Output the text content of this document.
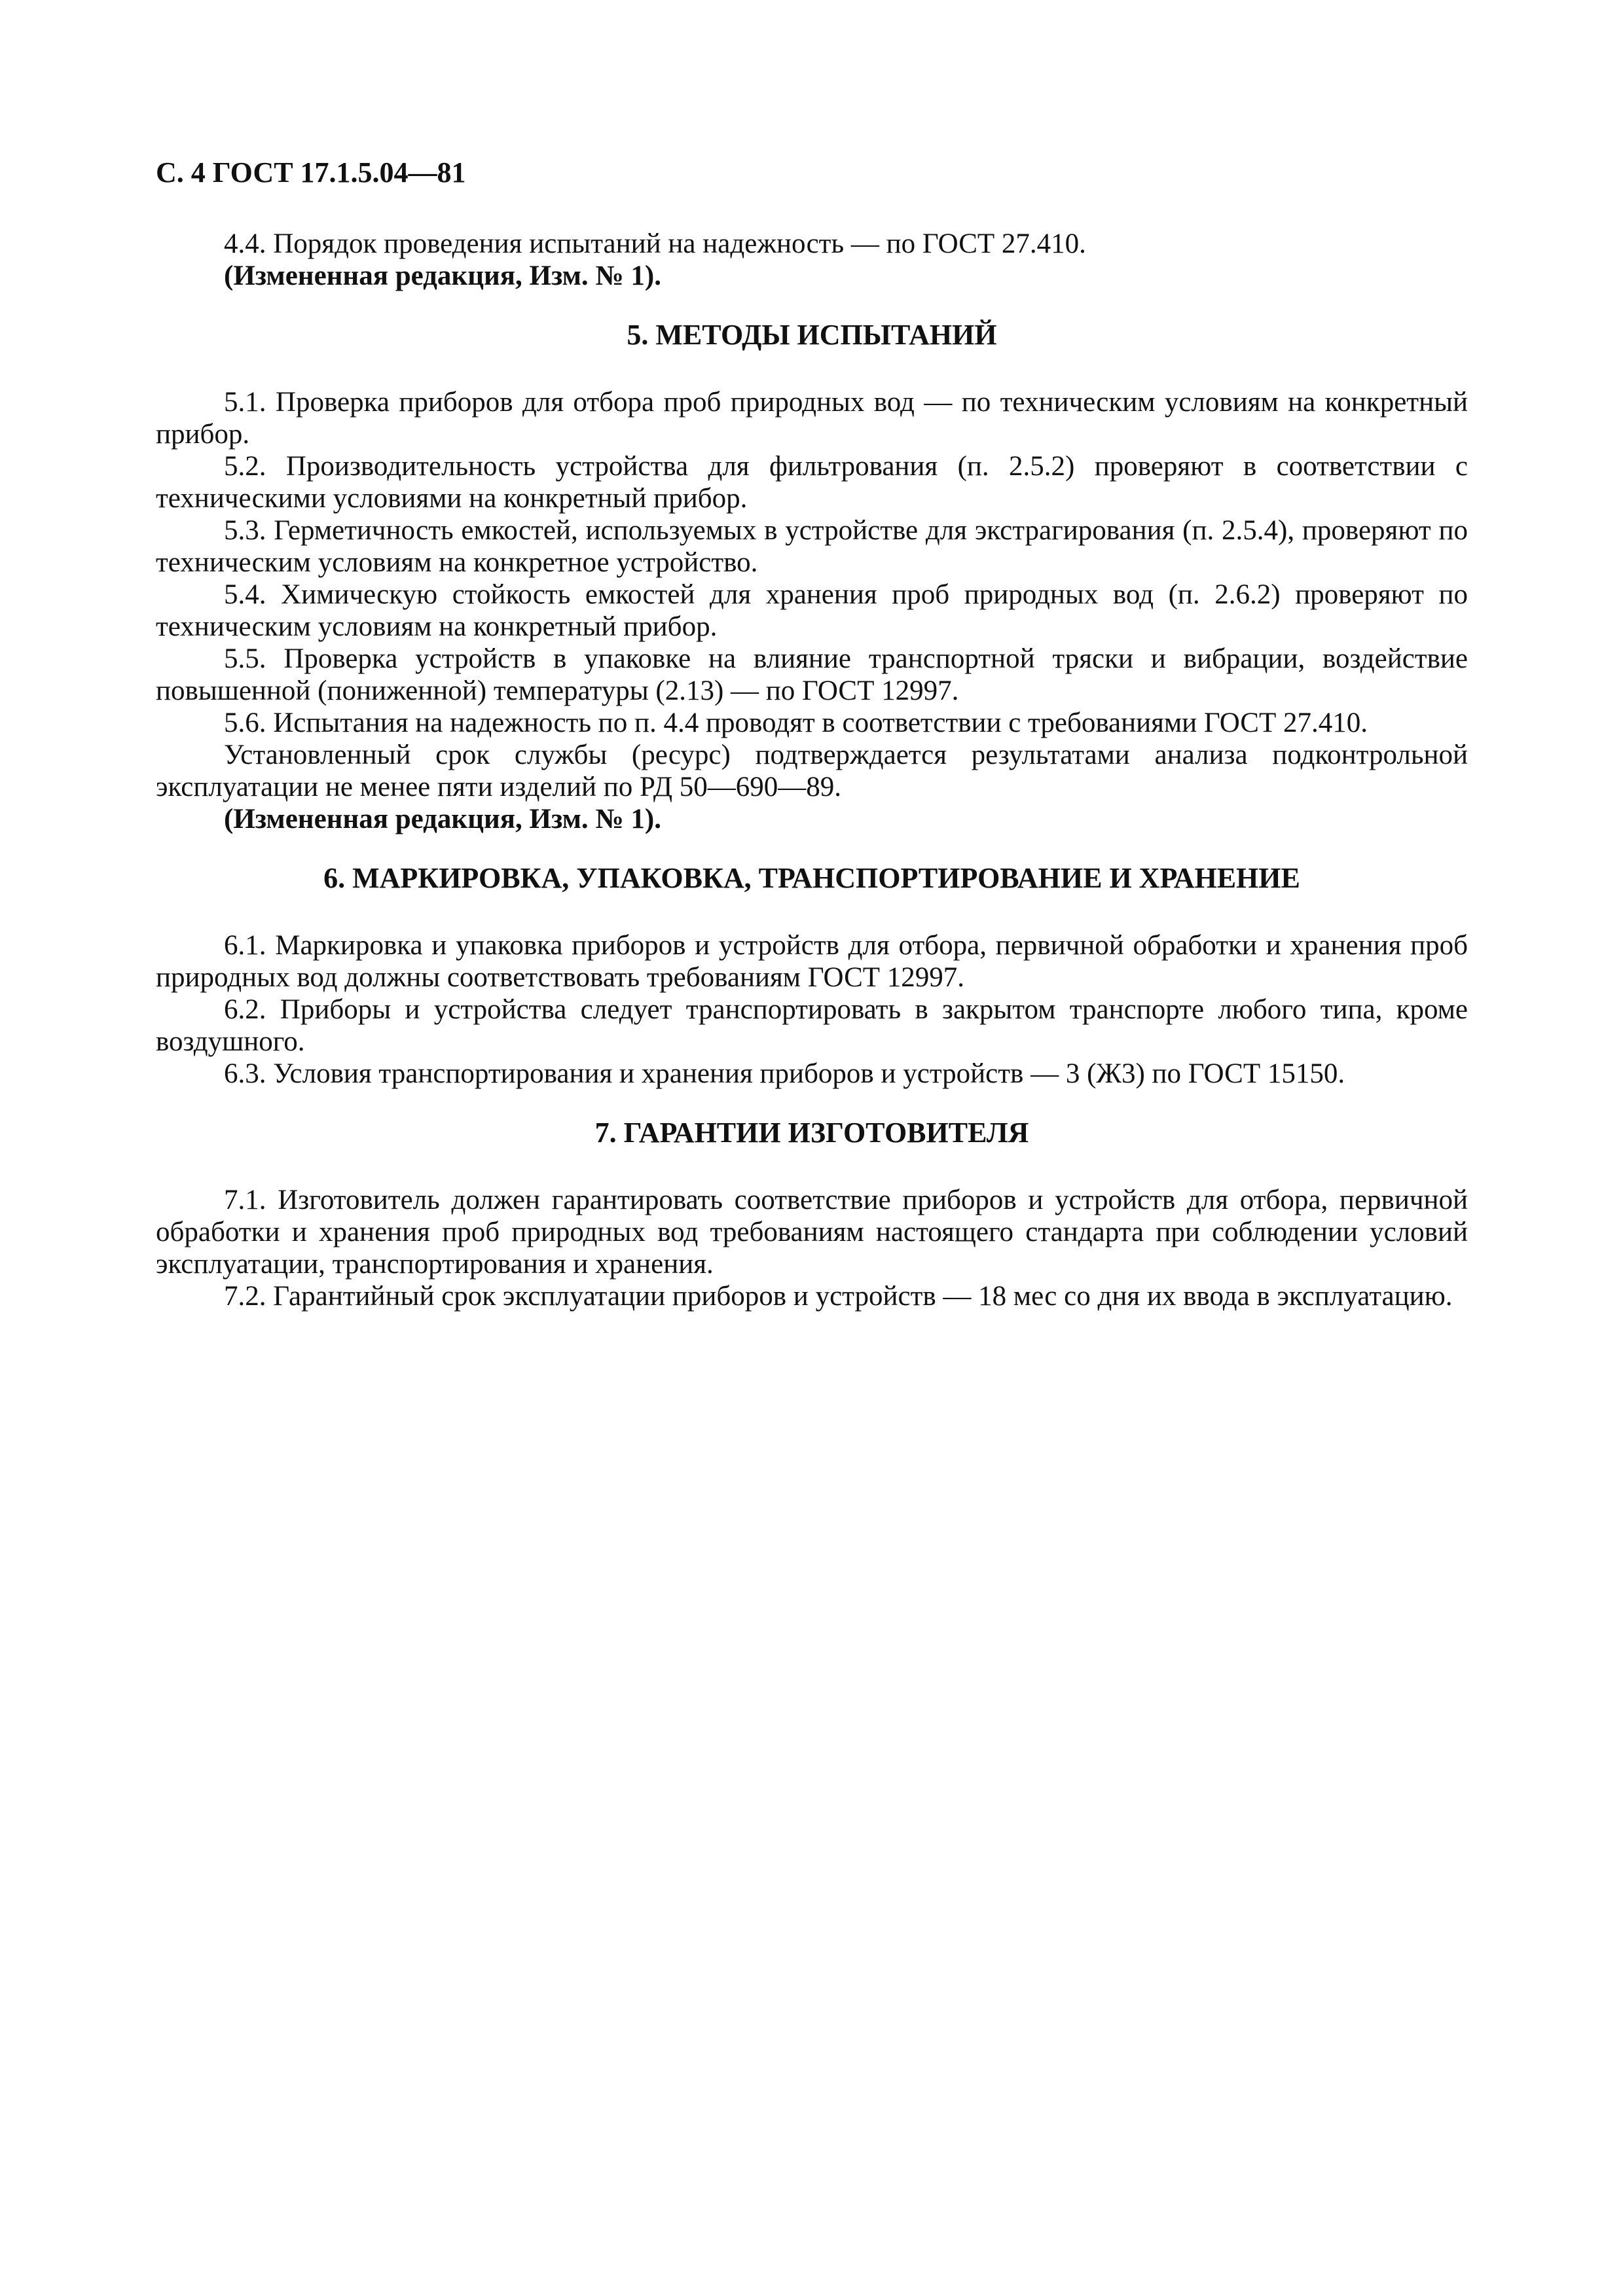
С. 4 ГОСТ 17.1.5.04—81

4.4. Порядок проведения испытаний на надежность — по ГОСТ 27.410.

(Измененная редакция, Изм. № 1).

5. МЕТОДЫ ИСПЫТАНИЙ

5.1. Проверка приборов для отбора проб природных вод — по техническим условиям на конкретный прибор.

5.2. Производительность устройства для фильтрования (п. 2.5.2) проверяют в соответствии с техническими условиями на конкретный прибор.

5.3. Герметичность емкостей, используемых в устройстве для экстрагирования (п. 2.5.4), проверяют по техническим условиям на конкретное устройство.

5.4. Химическую стойкость емкостей для хранения проб природных вод (п. 2.6.2) проверяют по техническим условиям на конкретный прибор.

5.5. Проверка устройств в упаковке на влияние транспортной тряски и вибрации, воздействие повышенной (пониженной) температуры (2.13) — по ГОСТ 12997.

5.6. Испытания на надежность по п. 4.4 проводят в соответствии с требованиями ГОСТ 27.410.

Установленный срок службы (ресурс) подтверждается результатами анализа подконтрольной эксплуатации не менее пяти изделий по РД 50—690—89.

(Измененная редакция, Изм. № 1).

6. МАРКИРОВКА, УПАКОВКА, ТРАНСПОРТИРОВАНИЕ И ХРАНЕНИЕ

6.1. Маркировка и упаковка приборов и устройств для отбора, первичной обработки и хранения проб природных вод должны соответствовать требованиям ГОСТ 12997.

6.2. Приборы и устройства следует транспортировать в закрытом транспорте любого типа, кроме воздушного.

6.3. Условия транспортирования и хранения приборов и устройств — 3 (Ж3) по ГОСТ 15150.

7. ГАРАНТИИ ИЗГОТОВИТЕЛЯ

7.1. Изготовитель должен гарантировать соответствие приборов и устройств для отбора, первичной обработки и хранения проб природных вод требованиям настоящего стандарта при соблюдении условий эксплуатации, транспортирования и хранения.

7.2. Гарантийный срок эксплуатации приборов и устройств — 18 мес со дня их ввода в эксплуатацию.
